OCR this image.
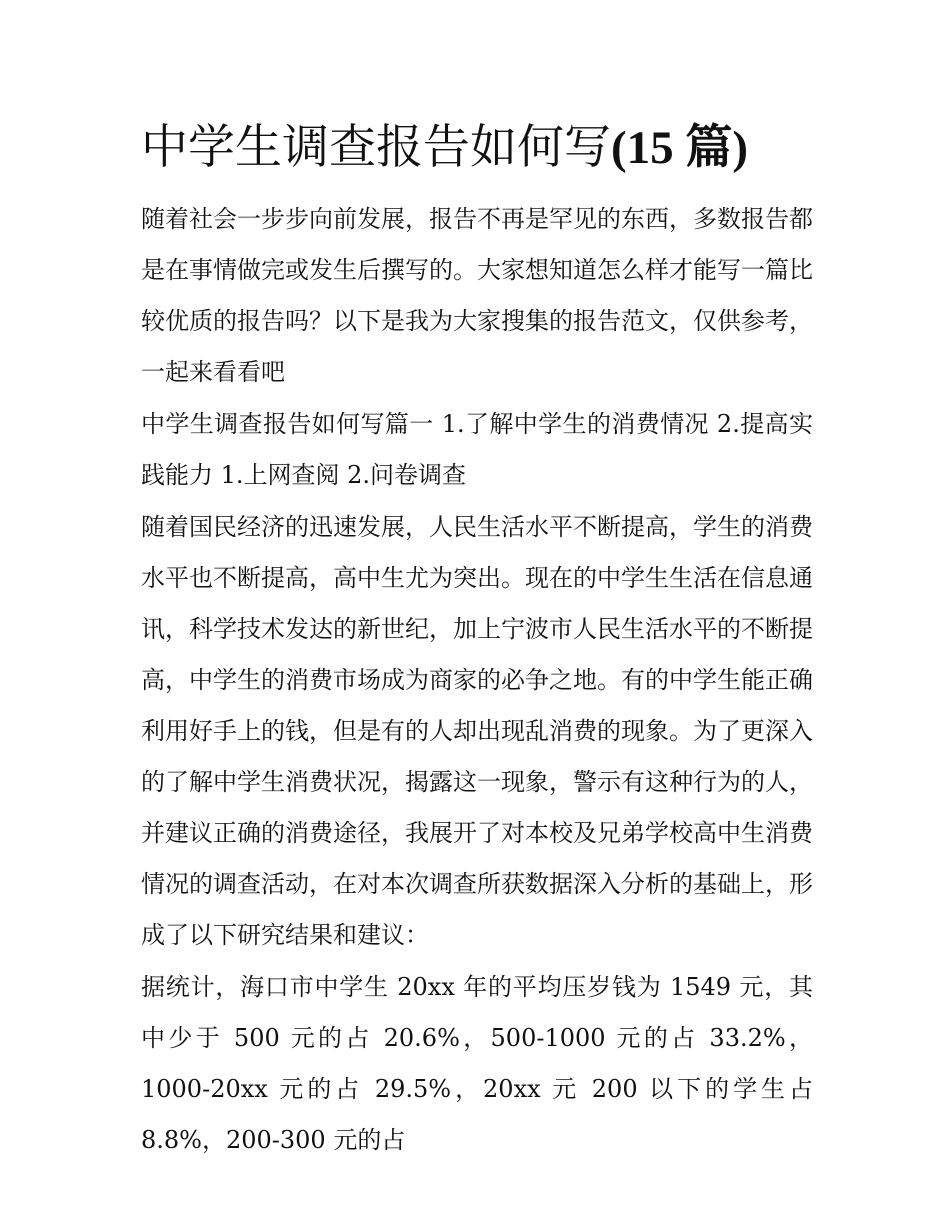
中学生调查报告如何写(15 篇)

随着社会一步步向前发展，报告不再是罕见的东西，多数报告都是在事情做完或发生后撰写的。大家想知道怎么样才能写一篇比较优质的报告吗？以下是我为大家搜集的报告范文，仅供参考，一起来看看吧

中学生调查报告如何写篇一 1.了解中学生的消费情况 2.提高实践能力 1.上网查阅 2.问卷调查

随着国民经济的迅速发展，人民生活水平不断提高，学生的消费水平也不断提高，高中生尤为突出。现在的中学生生活在信息通讯，科学技术发达的新世纪，加上宁波市人民生活水平的不断提高，中学生的消费市场成为商家的必争之地。有的中学生能正确利用好手上的钱，但是有的人却出现乱消费的现象。为了更深入的了解中学生消费状况，揭露这一现象，警示有这种行为的人，并建议正确的消费途径，我展开了对本校及兄弟学校高中生消费情况的调查活动，在对本次调查所获数据深入分析的基础上，形成了以下研究结果和建议：

据统计，海口市中学生 20xx 年的平均压岁钱为 1549 元，其中少于 500 元的占 20.6%，500-1000 元的占 33.2%，1000-20xx 元的占 29.5%，20xx 元 200 以下的学生占 8.8%，200-300 元的占
